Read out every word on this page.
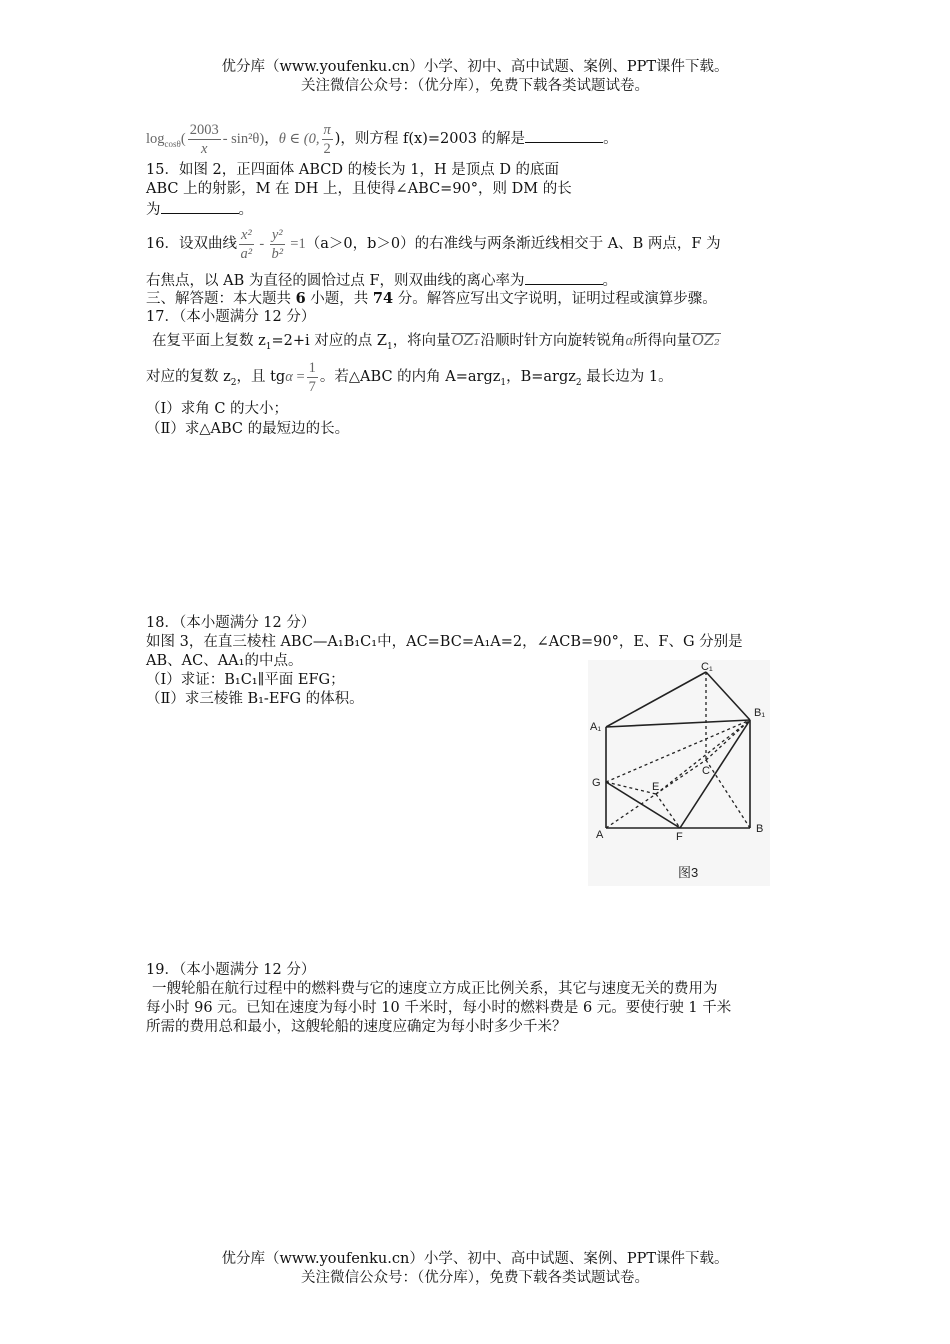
优分库（www.youfenku.cn）小学、初中、高中试题、案例、PPT课件下载。
关注微信公众号：（优分库），免费下载各类试题试卷。
$\log_{cos\theta}( \frac{2003}{x} - \sin^2\theta)$，θ ∈ (0, $\frac{\pi}{2}$ )，则方程 f(x)=2003 的解是	。
15．如图 2，正四面体 ABCD 的棱长为 1，H 是顶点 D 的底面
ABC 上的射影，M 在 DH 上，且使得∠ABC=90°，则 DM 的长
为	。
16．设双曲线 $\frac{\text{x²}}{\text{a²}} - \frac{\text{y²}}{\text{b²}} =1(a>0$，b＞0）的右准线与两条渐近线相交于 A、B 两点，F 为
右焦点，以 AB 为直径的圆恰过点 F，则双曲线的离心率为	。
三、解答题：本大题共 6 小题，共 74 分。解答应写出文字说明，证明过程或演算步骤。
17．（本小题满分 12 分）
在复平面上复数 $z_1=2+i$ 对应的点 $Z_1$，将向量OZ₁沿顺时针方向旋转锐角α所得向量OZ₂
对应的复数 $z_2$，且 $tg\alpha = \frac{1}{7}$ 。若△ABC 的内角 A=argz$_1$，B=argz$_2$ 最长边为 1。
（Ⅰ）求角 C 的大小；
（Ⅱ）求△ABC 的最短边的长。
18．（本小题满分 12 分）
如图 3，在直三棱柱 ABC—A₁B₁C₁中，AC=BC=A₁A=2，∠ACB=90°，E、F、G 分别是
AB、AC、AA₁的中点。
（Ⅰ）求证：B₁C₁∥平面 EFG；
（Ⅱ）求三棱锥 B₁-EFG 的体积。
C₁
B₁
A₁
G	E
C
A	F
B
图3
19．（本小题满分 12 分）
一艘轮船在航行过程中的燃料费与它的速度立方成正比例关系，其它与速度无关的费用为
每小时 96 元。已知在速度为每小时 10 千米时，每小时的燃料费是 6 元。要使行驶 1 千米
所需的费用总和最小，这艘轮船的速度应确定为每小时多少千米？
优分库（www.youfenku.cn）小学、初中、高中试题、案例、PPT课件下载。
关注微信公众号：（优分库），免费下载各类试题试卷。
